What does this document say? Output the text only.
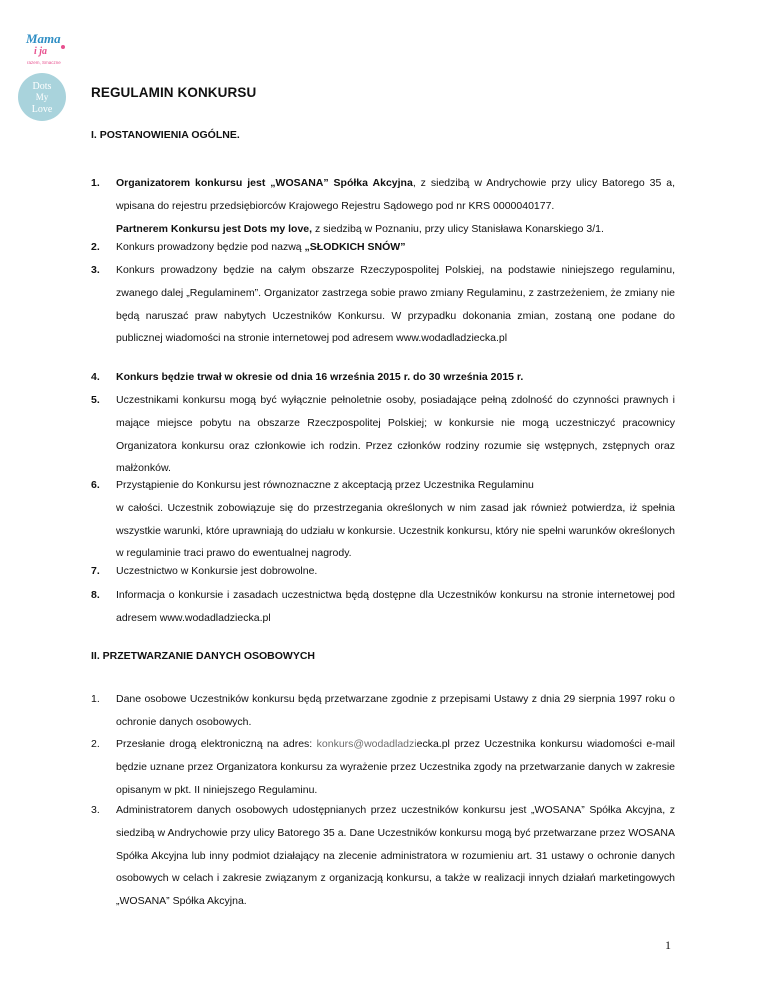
Mama
i ja
razem, Smaczne
Dots
My
Love
REGULAMIN KONKURSU
I. POSTANOWIENIA OGÓLNE.
1.	Organizatorem konkursu jest „WOSANA” Spółka Akcyjna, z siedzibą w Andrychowie przy ulicy Batorego 35 a, wpisana do rejestru przedsiębiorców Krajowego Rejestru Sądowego pod nr KRS 0000040177.
Partnerem Konkursu jest Dots my love, z siedzibą w Poznaniu, przy ulicy Stanisława Konarskiego 3/1.
2.	Konkurs prowadzony będzie pod nazwą „SŁODKICH SNÓW”
3.	Konkurs prowadzony będzie na całym obszarze Rzeczypospolitej Polskiej, na podstawie niniejszego regulaminu, zwanego dalej „Regulaminem”. Organizator zastrzega sobie prawo zmiany Regulaminu, z zastrzeżeniem, że zmiany nie będą naruszać praw nabytych Uczestników Konkursu. W przypadku dokonania zmian, zostaną one podane do publicznej wiadomości na stronie internetowej pod adresem www.wodadladziecka.pl
4.	Konkurs będzie trwał w okresie od dnia 16 września 2015 r. do 30 września 2015 r.
5.	Uczestnikami konkursu mogą być wyłącznie pełnoletnie osoby, posiadające pełną zdolność do czynności prawnych i mające miejsce pobytu na obszarze Rzeczpospolitej Polskiej; w konkursie nie mogą uczestniczyć pracownicy Organizatora konkursu oraz członkowie ich rodzin. Przez członków rodziny rozumie się wstępnych, zstępnych oraz małżonków.
6.	Przystąpienie do Konkursu jest równoznaczne z akceptacją przez Uczestnika Regulaminu
w całości. Uczestnik zobowiązuje się do przestrzegania określonych w nim zasad jak również potwierdza, iż spełnia wszystkie warunki, które uprawniają do udziału w konkursie. Uczestnik konkursu, który nie spełni warunków określonych w regulaminie traci prawo do ewentualnej nagrody.
7.	Uczestnictwo w Konkursie jest dobrowolne.
8.	Informacja o konkursie i zasadach uczestnictwa będą dostępne dla Uczestników konkursu na stronie internetowej pod adresem www.wodadladziecka.pl
II. PRZETWARZANIE DANYCH OSOBOWYCH
1.	Dane osobowe Uczestników konkursu będą przetwarzane zgodnie z przepisami Ustawy z dnia 29 sierpnia 1997 roku o ochronie danych osobowych.
2.	Przesłanie drogą elektroniczną na adres: konkurs@wodadladziecka.pl przez Uczestnika konkursu wiadomości e-mail będzie uznane przez Organizatora konkursu za wyrażenie przez Uczestnika zgody na przetwarzanie danych w zakresie opisanym w pkt. II niniejszego Regulaminu.
3.	Administratorem danych osobowych udostępnianych przez uczestników konkursu jest „WOSANA” Spółka Akcyjna, z siedzibą w Andrychowie przy ulicy Batorego 35 a. Dane Uczestników konkursu mogą być przetwarzane przez WOSANA Spółka Akcyjna lub inny podmiot działający na zlecenie administratora w rozumieniu art. 31 ustawy o ochronie danych osobowych w celach i zakresie związanym z organizacją konkursu, a także w realizacji innych działań marketingowych „WOSANA” Spółka Akcyjna.
1
